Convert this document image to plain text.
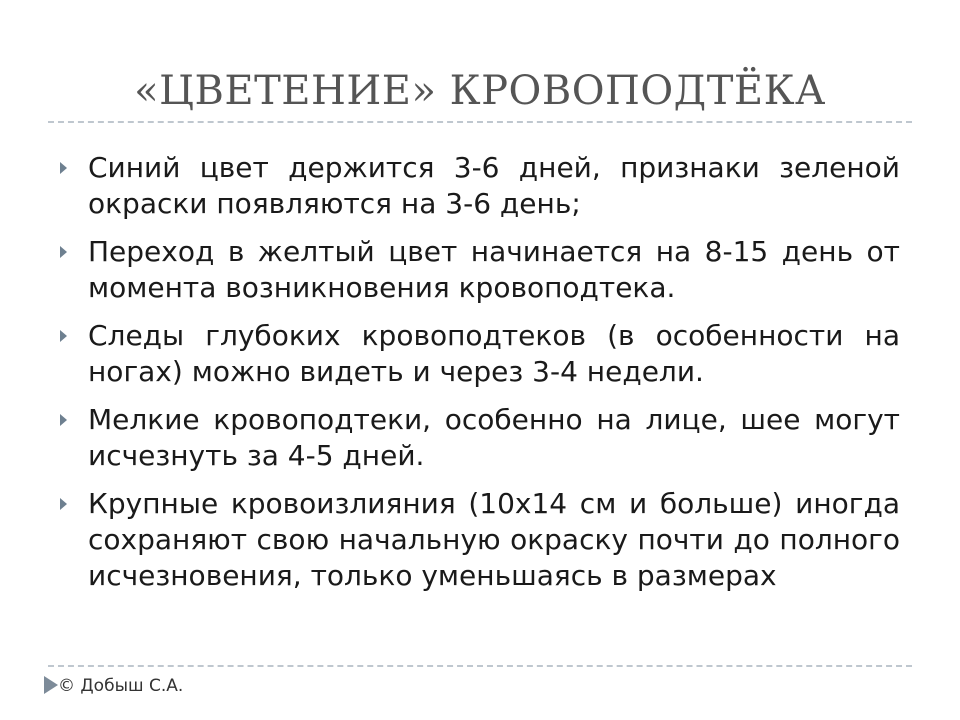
«ЦВЕТЕНИЕ» КРОВОПОДТЁКА
Синий цвет держится 3-6 дней, признаки зеленой окраски появляются на 3-6 день;
Переход в желтый цвет начинается на 8-15 день от момента возникновения кровоподтека.
Следы глубоких кровоподтеков (в особенности на ногах) можно видеть и через 3-4 недели.
Мелкие кровоподтеки, особенно на лице, шее могут исчезнуть за 4-5 дней.
Крупные кровоизлияния (10x14 см и больше) иногда сохраняют свою начальную окраску почти до полного исчезновения, только уменьшаясь в размерах
© Добыш С.А.
